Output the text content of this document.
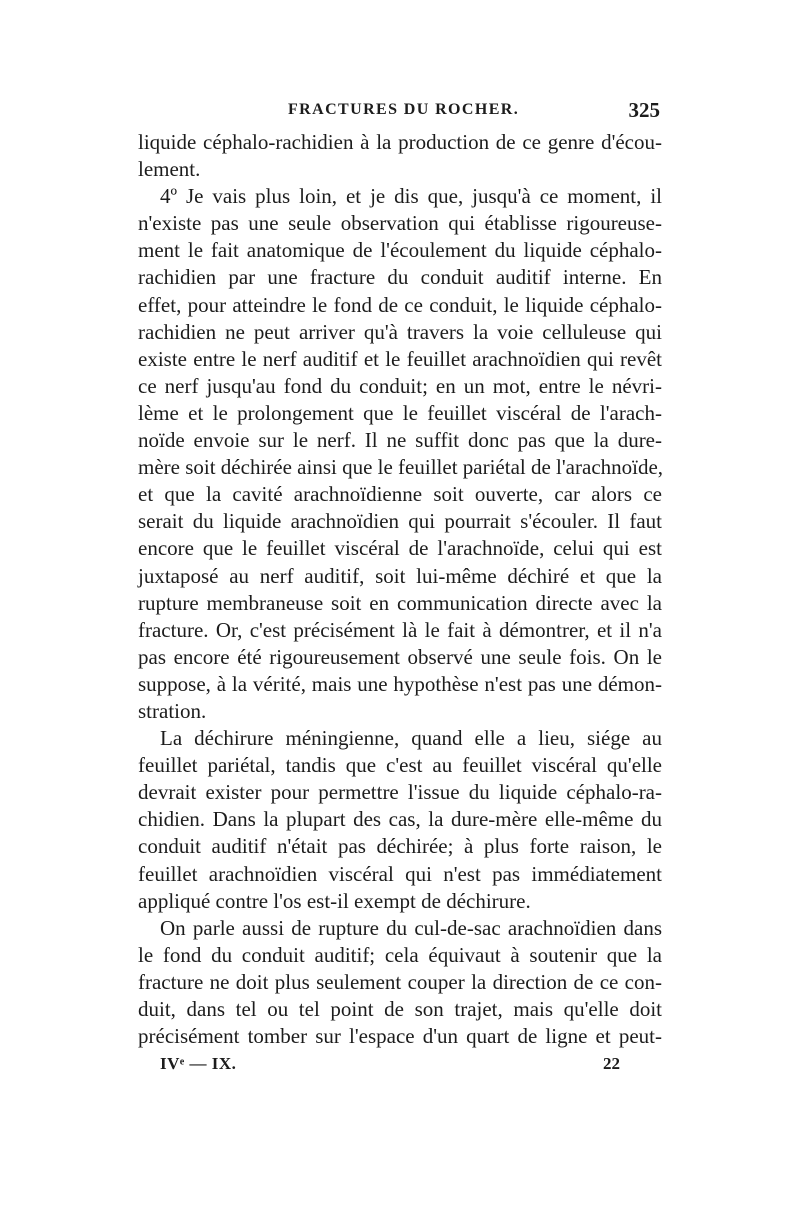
FRACTURES DU ROCHER.	325
liquide céphalo-rachidien à la production de ce genre d'écou-
lement.
4º Je vais plus loin, et je dis que, jusqu'à ce moment, il
n'existe pas une seule observation qui établisse rigoureuse-
ment le fait anatomique de l'écoulement du liquide céphalo-
rachidien par une fracture du conduit auditif interne. En
effet, pour atteindre le fond de ce conduit, le liquide céphalo-
rachidien ne peut arriver qu'à travers la voie celluleuse qui
existe entre le nerf auditif et le feuillet arachnoïdien qui revêt
ce nerf jusqu'au fond du conduit; en un mot, entre le névri-
lème et le prolongement que le feuillet viscéral de l'arach-
noïde envoie sur le nerf. Il ne suffit donc pas que la dure-
mère soit déchirée ainsi que le feuillet pariétal de l'arachnoïde,
et que la cavité arachnoïdienne soit ouverte, car alors ce
serait du liquide arachnoïdien qui pourrait s'écouler. Il faut
encore que le feuillet viscéral de l'arachnoïde, celui qui est
juxtaposé au nerf auditif, soit lui-même déchiré et que la
rupture membraneuse soit en communication directe avec la
fracture. Or, c'est précisément là le fait à démontrer, et il n'a
pas encore été rigoureusement observé une seule fois. On le
suppose, à la vérité, mais une hypothèse n'est pas une démon-
stration.
La déchirure méningienne, quand elle a lieu, siége au
feuillet pariétal, tandis que c'est au feuillet viscéral qu'elle
devrait exister pour permettre l'issue du liquide céphalo-ra-
chidien. Dans la plupart des cas, la dure-mère elle-même du
conduit auditif n'était pas déchirée; à plus forte raison, le
feuillet arachnoïdien viscéral qui n'est pas immédiatement
appliqué contre l'os est-il exempt de déchirure.
On parle aussi de rupture du cul-de-sac arachnoïdien dans
le fond du conduit auditif; cela équivaut à soutenir que la
fracture ne doit plus seulement couper la direction de ce con-
duit, dans tel ou tel point de son trajet, mais qu'elle doit
précisément tomber sur l'espace d'un quart de ligne et peut-
IVᵉ — IX.	22
